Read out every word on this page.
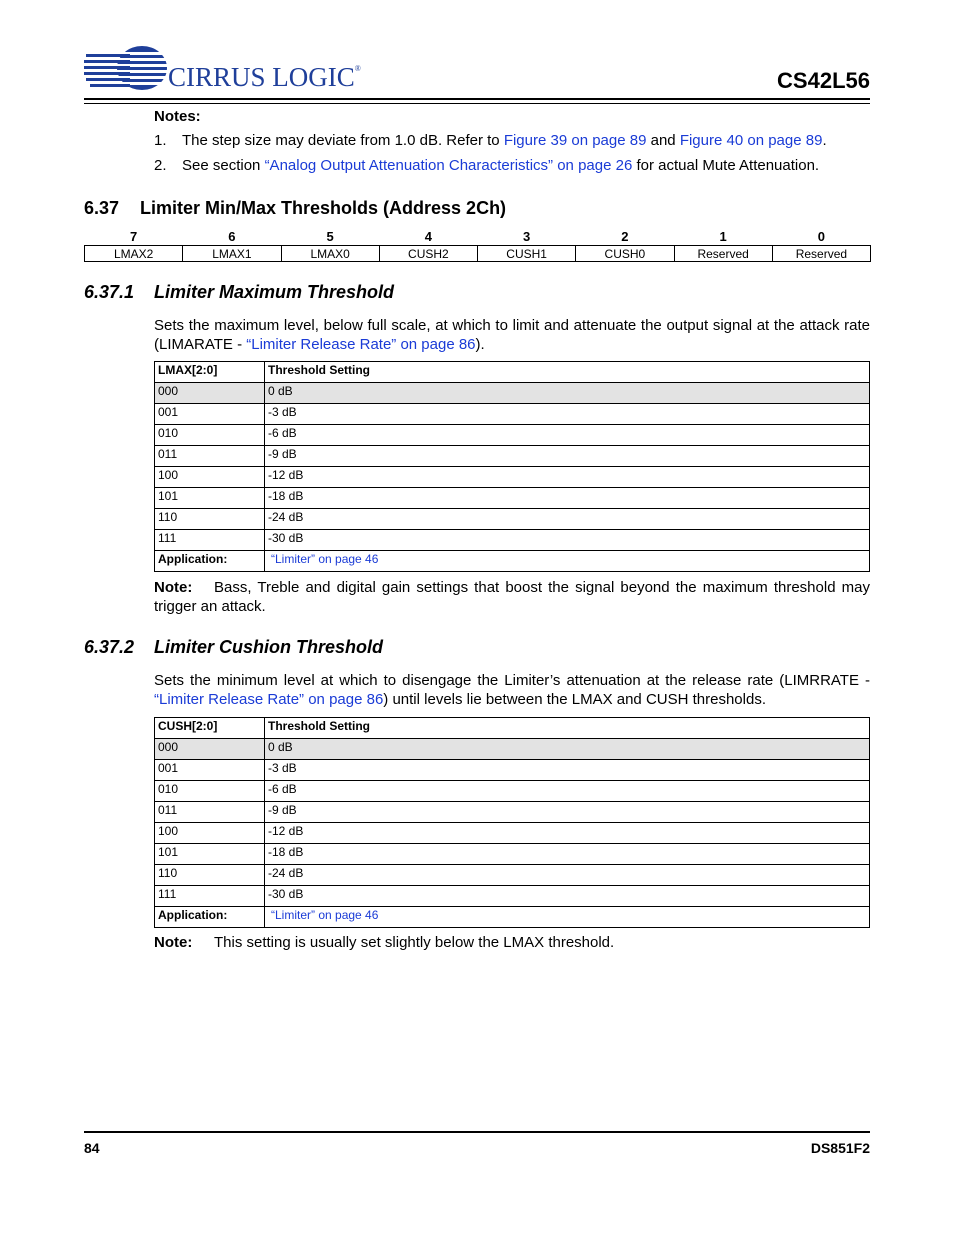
CIRRUS LOGIC®	CS42L56
Notes:
1. The step size may deviate from 1.0 dB. Refer to Figure 39 on page 89 and Figure 40 on page 89.
2. See section “Analog Output Attenuation Characteristics” on page 26 for actual Mute Attenuation.
6.37 Limiter Min/Max Thresholds (Address 2Ch)
7	6	5	4	3	2	1	0
LMAX2	LMAX1	LMAX0	CUSH2	CUSH1	CUSH0	Reserved	Reserved
6.37.1 Limiter Maximum Threshold
Sets the maximum level, below full scale, at which to limit and attenuate the output signal at the attack rate (LIMARATE - “Limiter Release Rate” on page 86).
LMAX[2:0]	Threshold Setting
000	0 dB
001	-3 dB
010	-6 dB
011	-9 dB
100	-12 dB
101	-18 dB
110	-24 dB
111	-30 dB
Application:	“Limiter” on page 46
Note: Bass, Treble and digital gain settings that boost the signal beyond the maximum threshold may trigger an attack.
6.37.2 Limiter Cushion Threshold
Sets the minimum level at which to disengage the Limiter’s attenuation at the release rate (LIMRRATE - “Limiter Release Rate” on page 86) until levels lie between the LMAX and CUSH thresholds.
CUSH[2:0]	Threshold Setting
000	0 dB
001	-3 dB
010	-6 dB
011	-9 dB
100	-12 dB
101	-18 dB
110	-24 dB
111	-30 dB
Application:	“Limiter” on page 46
Note: This setting is usually set slightly below the LMAX threshold.
84	DS851F2
